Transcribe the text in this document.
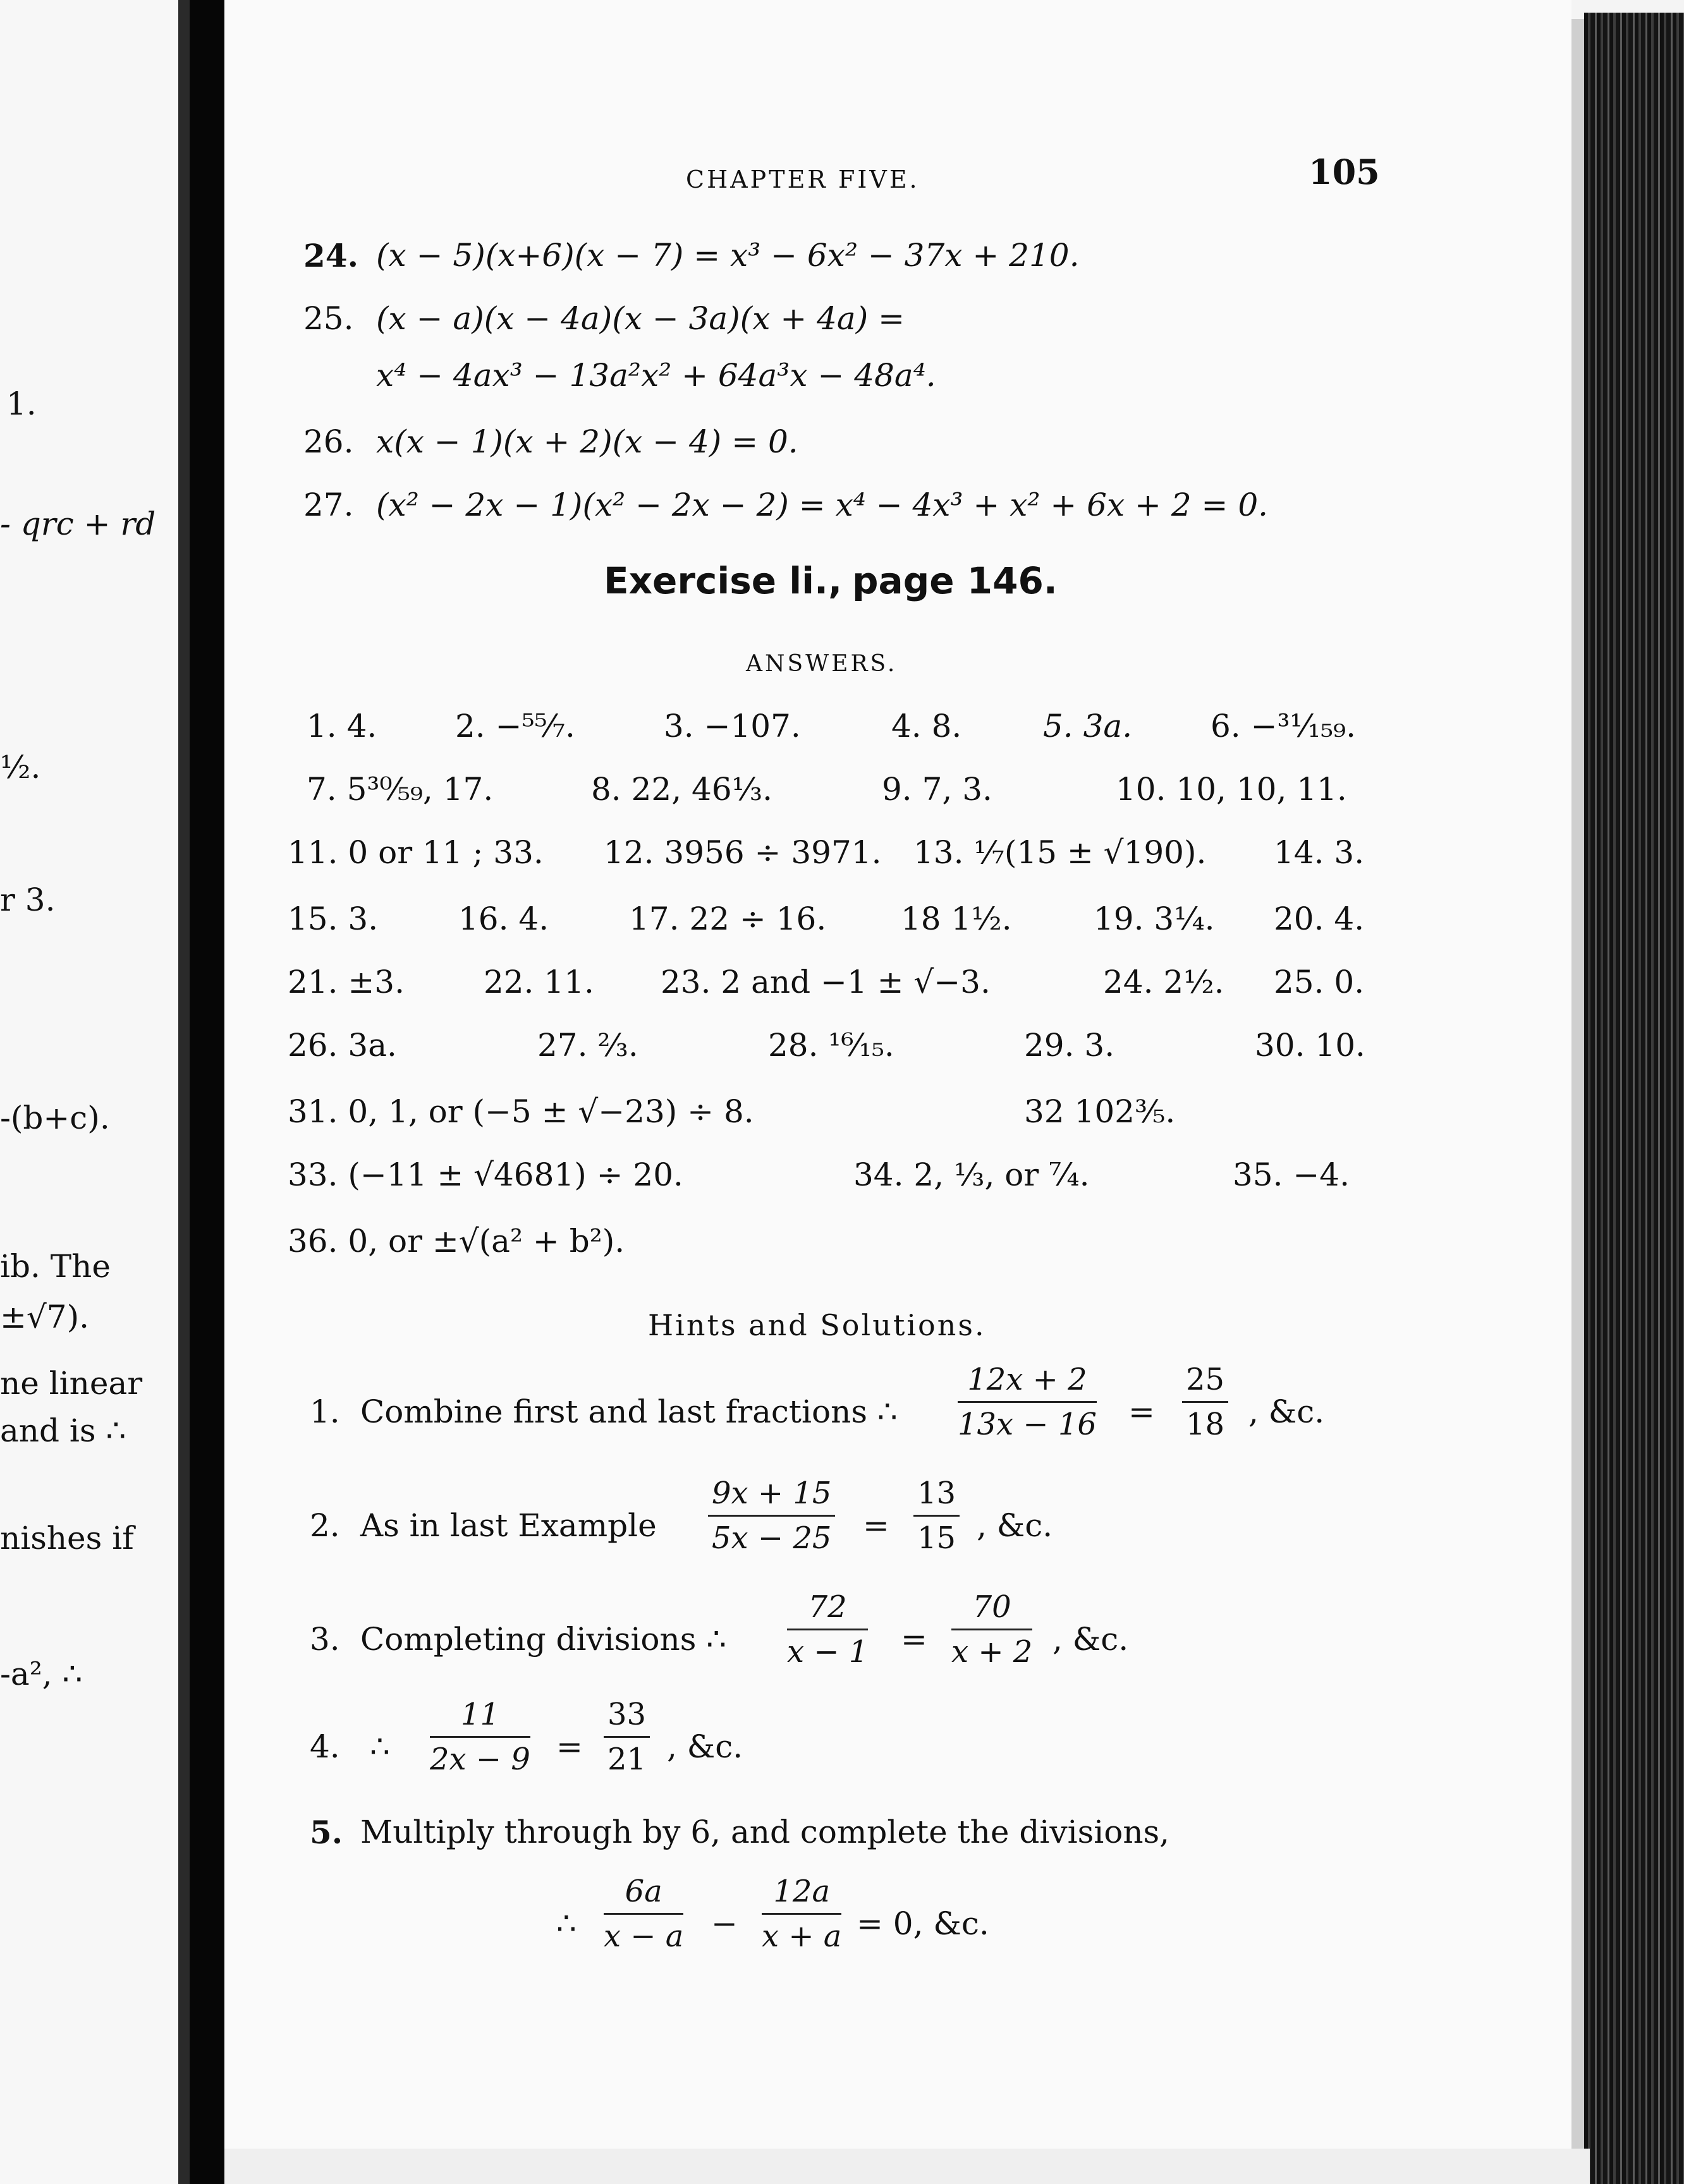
1.
- qrc + rd
½.
r 3.
-(b+c).
ib. The
±√7).
ne linear
and is ∴
nishes if
-a², ∴
CHAPTER FIVE.	105
24. (x − 5)(x+6)(x − 7) = x³ − 6x² − 37x + 210.
25. (x − a)(x − 4a)(x − 3a)(x + 4a) =
x⁴ − 4ax³ − 13a²x² + 64a³x − 48a⁴.
26. x(x − 1)(x + 2)(x − 4) = 0.
27. (x² − 2x − 1)(x² − 2x − 2) = x⁴ − 4x³ + x² + 6x + 2 = 0.
Exercise li., page 146.
ANSWERS.
1. 4. 2. −⁵⁵⁄₇.	3. −107.	4. 8.	5. 3a. 6. −³¹⁄₁₅₉.
7. 5³⁰⁄₅₉, 17.	8. 22, 46⅓.	9. 7, 3.	10. 10, 10, 11.
11. 0 or 11 ; 33. 12. 3956 ÷ 3971. 13. ⅐(15 ± √190). 14. 3.
15. 3.	16. 4.	17. 22 ÷ 16. 18 1½.	19. 3¼. 20. 4.
21. ±3. 22. 11. 23. 2 and −1 ± √−3.	24. 2½. 25. 0.
26. 3a.	27. ⅔.	28. ¹⁶⁄₁₅.	29. 3.	30. 10.
31. 0, 1, or (−5 ± √−23) ÷ 8.	32 102⅗.
33. (−11 ± √4681) ÷ 20.	34. 2, ⅓, or ⁷⁄₄.	35. −4.
36. 0, or ±√(a² + b²).
Hints and Solutions.
1. Combine first and last fractions ∴ $\frac{12x + 2}{13x - 16} = \frac{25}{18}$ , &c.
2. As in last Example $\frac{9x + 15}{5x - 25} = \frac{13}{15}$ , &c.
3. Completing divisions ∴ $\frac{72}{x - 1} = \frac{70}{x + 2}$ , &c.
4. ∴ $\frac{11}{2x - 9} = \frac{33}{21}$ , &c.
5. Multiply through by 6, and complete the divisions,
∴ $\frac{6a}{x - a} - \frac{12a}{x + a} = 0$, &c.
